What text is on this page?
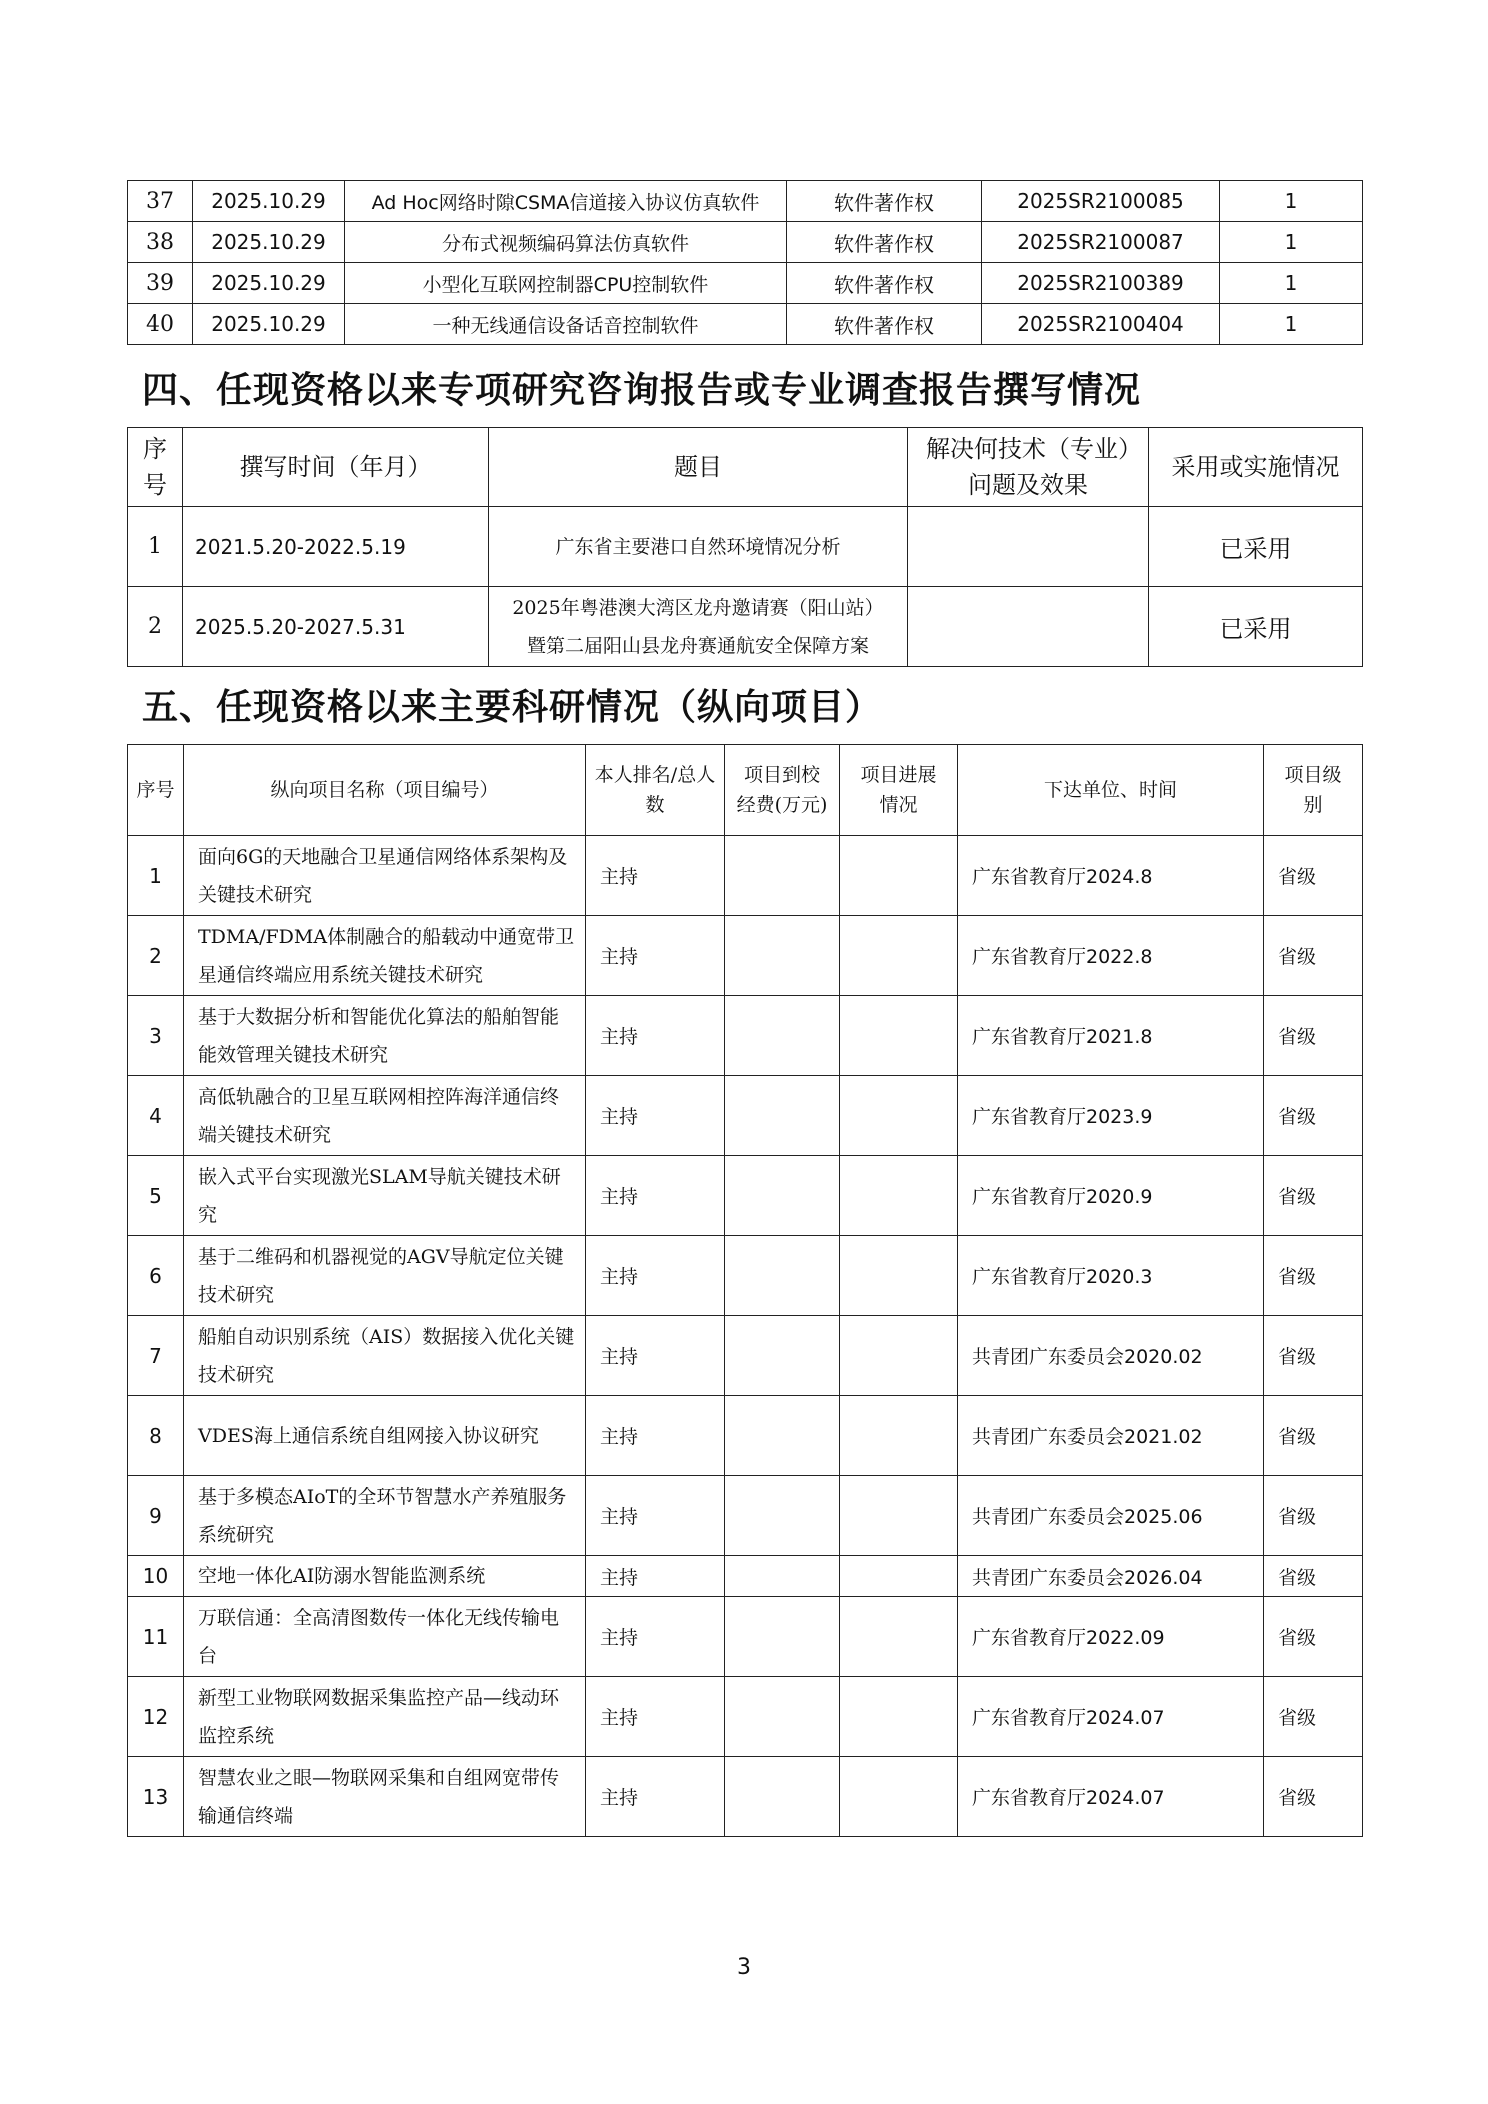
37	2025.10.29	Ad Hoc网络时隙CSMA信道接入协议仿真软件	软件著作权	2025SR2100085	1
38	2025.10.29	分布式视频编码算法仿真软件	软件著作权	2025SR2100087	1
39	2025.10.29	小型化互联网控制器CPU控制软件	软件著作权	2025SR2100389	1
40	2025.10.29	一种无线通信设备话音控制软件	软件著作权	2025SR2100404	1
四、任现资格以来专项研究咨询报告或专业调查报告撰写情况
序号	撰写时间（年月）	题目	解决何技术（专业）问题及效果	采用或实施情况
1	2021.5.20-2022.5.19	广东省主要港口自然环境情况分析		已采用
2	2025.5.20-2027.5.31	2025年粤港澳大湾区龙舟邀请赛（阳山站）暨第二届阳山县龙舟赛通航安全保障方案		已采用
五、任现资格以来主要科研情况（纵向项目）
序号	纵向项目名称（项目编号）	本人排名/总人数	项目到校经费(万元)	项目进展情况	下达单位、时间	项目级别
1	面向6G的天地融合卫星通信网络体系架构及关键技术研究	主持			广东省教育厅2024.8	省级
2	TDMA/FDMA体制融合的船载动中通宽带卫星通信终端应用系统关键技术研究	主持			广东省教育厅2022.8	省级
3	基于大数据分析和智能优化算法的船舶智能能效管理关键技术研究	主持			广东省教育厅2021.8	省级
4	高低轨融合的卫星互联网相控阵海洋通信终端关键技术研究	主持			广东省教育厅2023.9	省级
5	嵌入式平台实现激光SLAM导航关键技术研究	主持			广东省教育厅2020.9	省级
6	基于二维码和机器视觉的AGV导航定位关键技术研究	主持			广东省教育厅2020.3	省级
7	船舶自动识别系统（AIS）数据接入优化关键技术研究	主持			共青团广东委员会2020.02	省级
8	VDES海上通信系统自组网接入协议研究	主持			共青团广东委员会2021.02	省级
9	基于多模态AIoT的全环节智慧水产养殖服务系统研究	主持			共青团广东委员会2025.06	省级
10	空地一体化AI防溺水智能监测系统	主持			共青团广东委员会2026.04	省级
11	万联信通：全高清图数传一体化无线传输电台	主持			广东省教育厅2022.09	省级
12	新型工业物联网数据采集监控产品—线动环监控系统	主持			广东省教育厅2024.07	省级
13	智慧农业之眼—物联网采集和自组网宽带传输通信终端	主持			广东省教育厅2024.07	省级
3
